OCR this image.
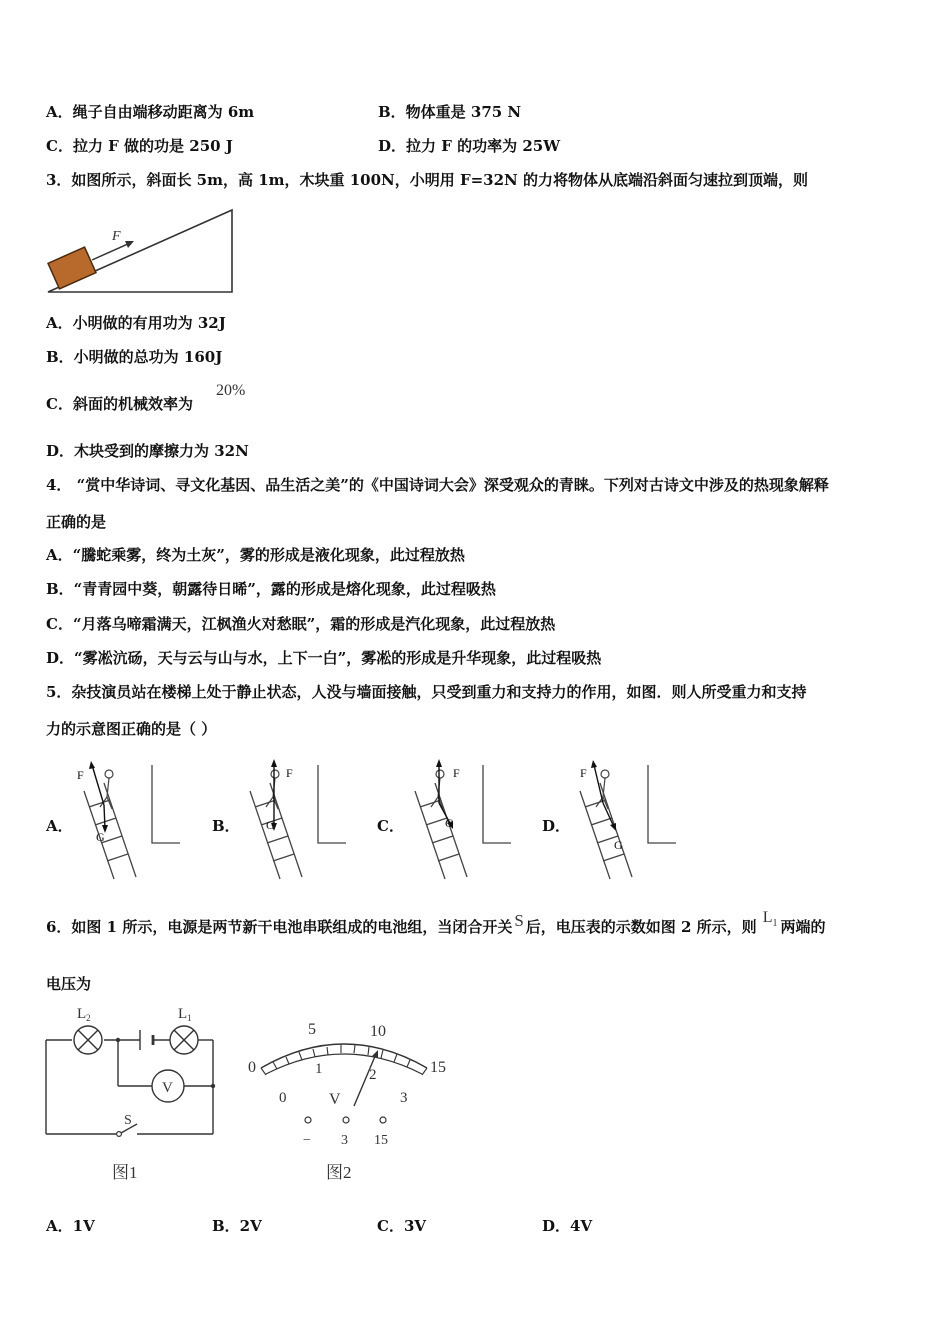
A．绳子自由端移动距离为 6m	B．物体重是 375 N
C．拉力 F 做的功是 250 J	D．拉力 F 的功率为 25W
3．如图所示，斜面长 5m，高 1m，木块重 100N，小明用 F=32N 的力将物体从底端沿斜面匀速拉到顶端，则
F
A．小明做的有用功为 32J
B．小明做的总功为 160J
C．斜面的机械效率为
20%
D．木块受到的摩擦力为 32N
4． “赏中华诗词、寻文化基因、品生活之美”的《中国诗词大会》深受观众的青睐。下列对古诗文中涉及的热现象解释
正确的是
A．“騰蛇乘雾，终为土灰”，雾的形成是液化现象，此过程放热
B．“青青园中葵，朝露待日晞”，露的形成是熔化现象，此过程吸热
C．“月落乌啼霜满天，江枫渔火对愁眠”，霜的形成是汽化现象，此过程放热
D．“雾凇沆砀，天与云与山与水，上下一白”，雾凇的形成是升华现象，此过程吸热
5．杂技演员站在楼梯上处于静止状态，人没与墙面接触，只受到重力和支持力的作用，如图．则人所受重力和支持
力的示意图正确的是（ ）
A．	B．	C．	D．
F
G
F
G
F
G
F
G
6．如图 1 所示，电源是两节新干电池串联组成的电池组，当闭合开关 S 后，电压表的示数如图 2 所示，则$L_1$ 两端的
电压为
V
S
$L_2$	$L_1$
图1
0
5	10
15
0
1	2
3
V
− 3 15
图2
A．1V	B．2V	C．3V	D．4V
